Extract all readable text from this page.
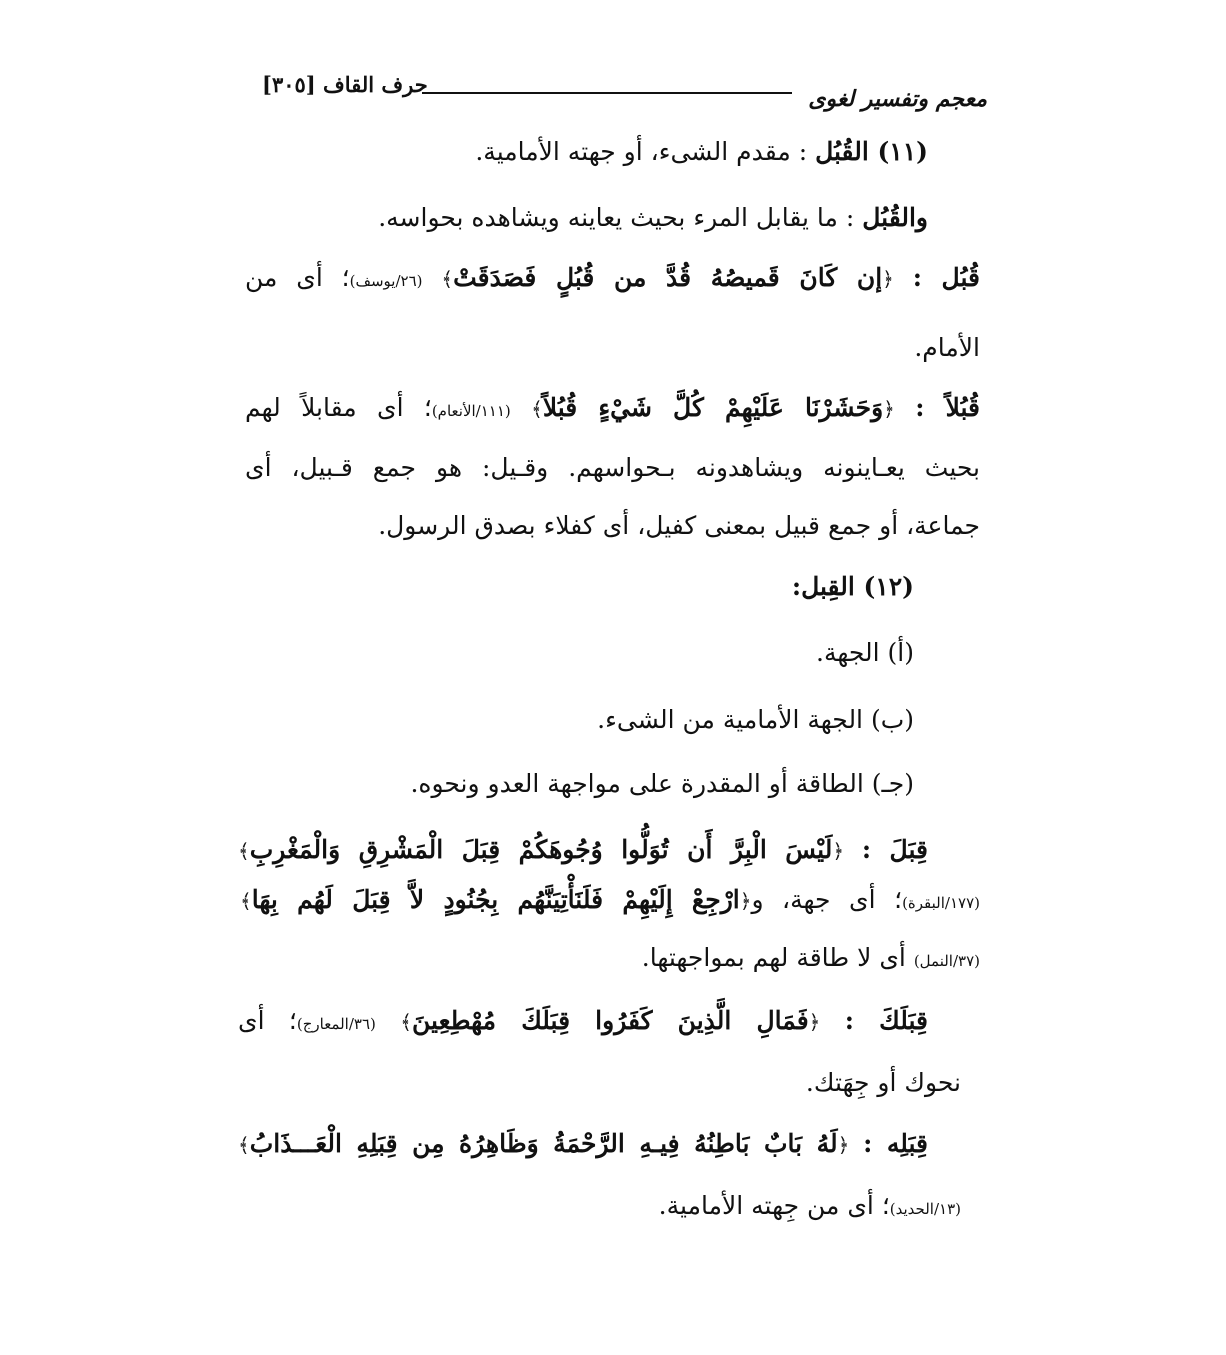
معجم وتفسير لغوى
حرف القاف [٣٠٥]
(١١) القُبُل : مقدم الشىء، أو جهته الأمامية.
والقُبُل : ما يقابل المرء بحيث يعاينه ويشاهده بحواسه.
قُبُل : ﴿إن كَانَ قَميصُهُ قُدَّ من قُبُلٍ فَصَدَقَتْ﴾ (٢٦/يوسف)؛ أى من
الأمام.
قُبُلاً : ﴿وَحَشَرْنَا عَلَيْهِمْ كُلَّ شَيْءٍ قُبُلاً﴾ (١١١/الأنعام)؛ أى مقابلاً لهم
بحيث يعـاينونه ويشاهدونه بـحواسهم. وقـيل: هو جمع قـبيل، أى
جماعة، أو جمع قبيل بمعنى كفيل، أى كفلاء بصدق الرسول.
(١٢) القِبل:
(أ) الجهة.
(ب) الجهة الأمامية من الشىء.
(جـ) الطاقة أو المقدرة على مواجهة العدو ونحوه.
قِبَلَ : ﴿لَيْسَ الْبِرَّ أَن تُوَلُّوا وُجُوهَكُمْ قِبَلَ الْمَشْرِقِ وَالْمَغْرِبِ﴾
(١٧٧/البقرة)؛ أى جهة، و﴿ارْجِعْ إِلَيْهِمْ فَلَنَأْتِيَنَّهُم بِجُنُودٍ لاَّ قِبَلَ لَهُم بِهَا﴾
(٣٧/النمل) أى لا طاقة لهم بمواجهتها.
قِبَلَكَ : ﴿فَمَالِ الَّذِينَ كَفَرُوا قِبَلَكَ مُهْطِعِينَ﴾ (٣٦/المعارج)؛ أى
نحوك أو جِهَتك.
قِبَلِه : ﴿لَهُ بَابٌ بَاطِنُهُ فِيـهِ الرَّحْمَةُ وَظَاهِرُهُ مِن قِبَلِهِ الْعَـــذَابُ﴾
(١٣/الحديد)؛ أى من جِهته الأمامية.
